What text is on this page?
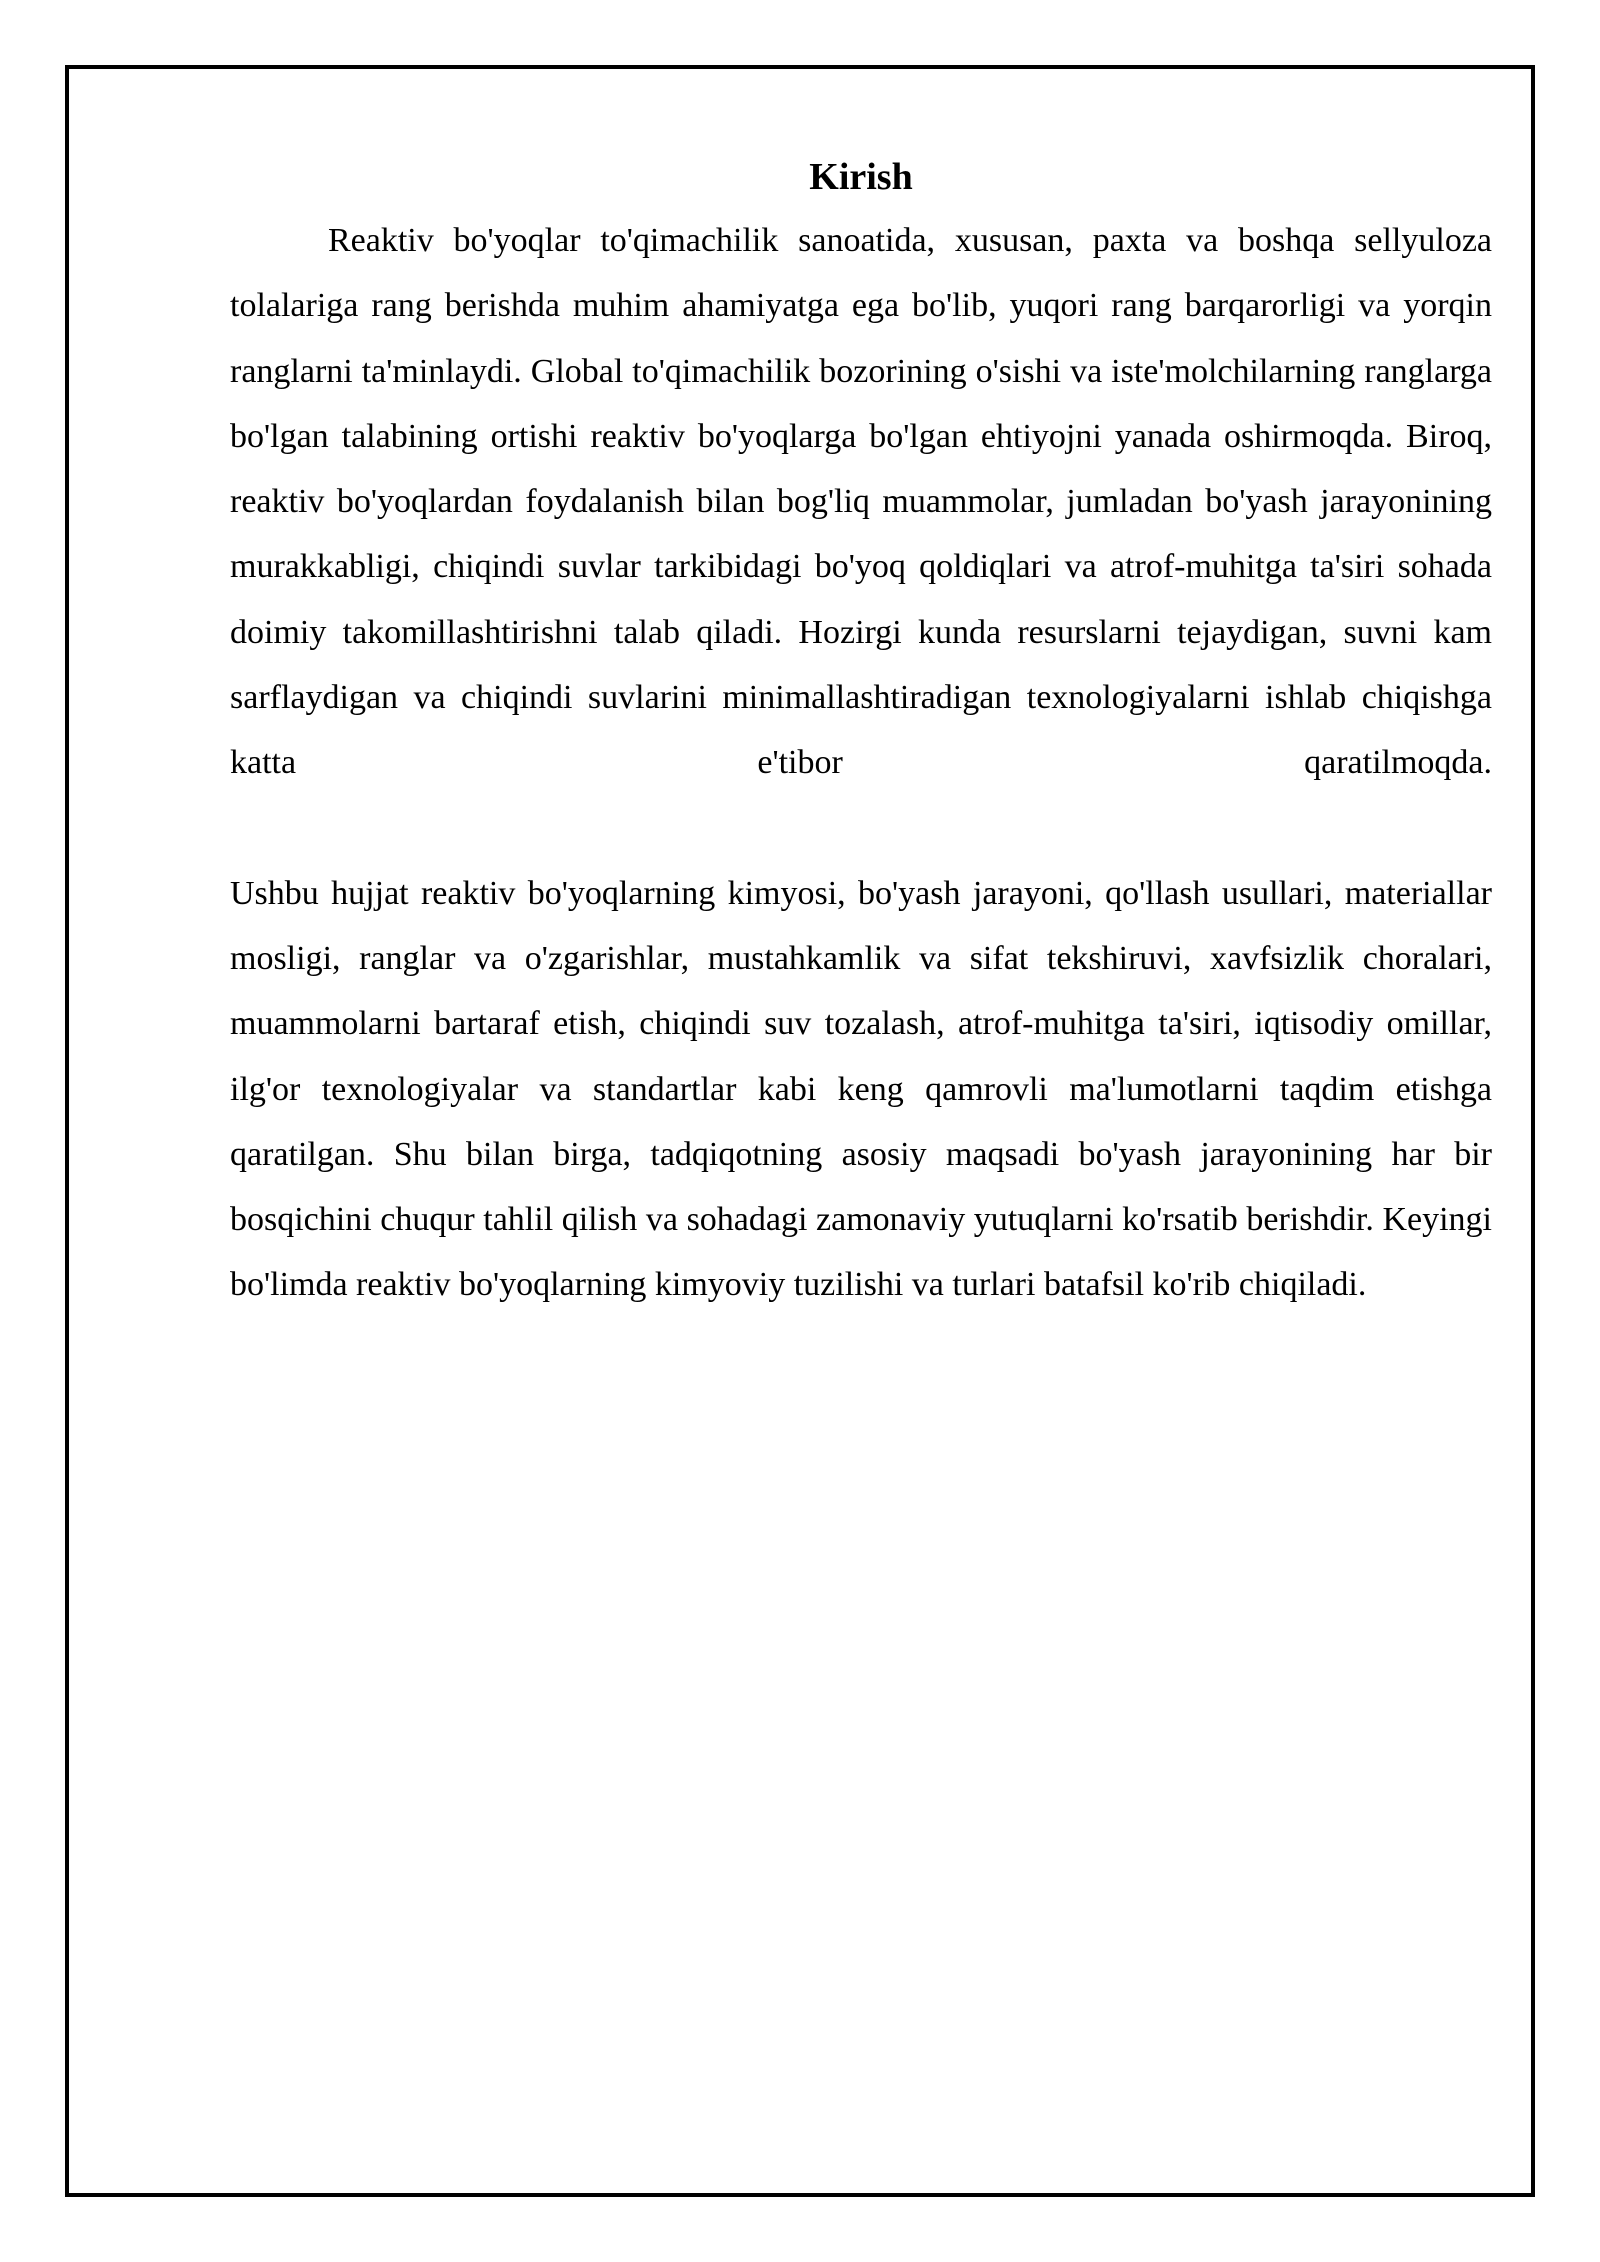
Kirish

Reaktiv bo'yoqlar to'qimachilik sanoatida, xususan, paxta va boshqa sellyuloza tolalariga rang berishda muhim ahamiyatga ega bo'lib, yuqori rang barqarorligi va yorqin ranglarni ta'minlaydi. Global to'qimachilik bozorining o'sishi va iste'molchilarning ranglarga bo'lgan talabining ortishi reaktiv bo'yoqlarga bo'lgan ehtiyojni yanada oshirmoqda. Biroq, reaktiv bo'yoqlardan foydalanish bilan bog'liq muammolar, jumladan bo'yash jarayonining murakkabligi, chiqindi suvlar tarkibidagi bo'yoq qoldiqlari va atrof-muhitga ta'siri sohada doimiy takomillashtirishni talab qiladi. Hozirgi kunda resurslarni tejaydigan, suvni kam sarflaydigan va chiqindi suvlarini minimallashtiradigan texnologiyalarni ishlab chiqishga katta e'tibor qaratilmoqda.

Ushbu hujjat reaktiv bo'yoqlarning kimyosi, bo'yash jarayoni, qo'llash usullari, materiallar mosligi, ranglar va o'zgarishlar, mustahkamlik va sifat tekshiruvi, xavfsizlik choralari, muammolarni bartaraf etish, chiqindi suv tozalash, atrof-muhitga ta'siri, iqtisodiy omillar, ilg'or texnologiyalar va standartlar kabi keng qamrovli ma'lumotlarni taqdim etishga qaratilgan. Shu bilan birga, tadqiqotning asosiy maqsadi bo'yash jarayonining har bir bosqichini chuqur tahlil qilish va sohadagi zamonaviy yutuqlarni ko'rsatib berishdir. Keyingi bo'limda reaktiv bo'yoqlarning kimyoviy tuzilishi va turlari batafsil ko'rib chiqiladi.
